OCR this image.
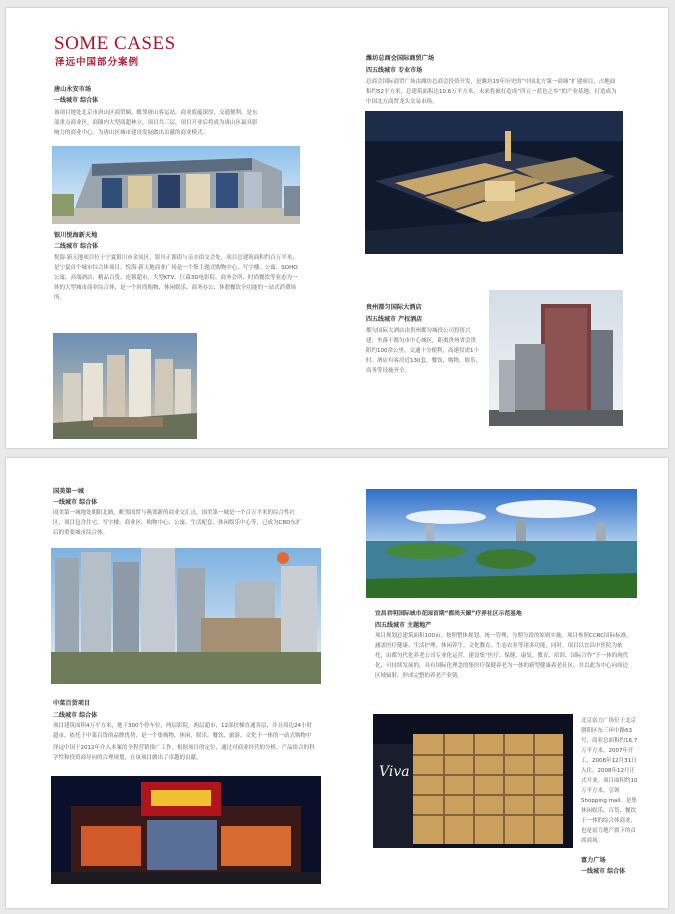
SOME CASES
泽远中国部分案例
唐山永安市场
一线城市 综合体
该项目地处北京市唐山区商贸圈，毗邻唐山客运站，商业底蕴深厚，交通便利，是东部重点商业区。商圈内大型商超林立，项目共三层，项目开业后将成为唐山区最具影响力的商业中心。为唐山区城市建设发展做出贡献的商业模式。
银川悦海新天地
二线城市 综合体
悦海·新天地项目位于宁夏银川市金凤区，银川正源街与亲水街交会处，项目总建筑面积约百万平米，是宁夏首个城市综合体项目。悦海·新天地商业广场是一个集主题式购物中心、写字楼、公寓、SOHO公寓、高端酒店、精品百货、连锁超市、大型KTV、巨幕3D电影院、商务会所、时尚餐饮等业态为一体的大型城市商业综合体，是一个时尚购物、休闲娱乐、商务办公、休憩餐饮全功能的一站式消费场所。
潍坊总商会国际商贸广场
四五线城市 专业市场
总商会国际商贸广场由潍坊总商会投资开发，是潍坊15年历史的“中国北方第一商城”扩建项目，占地面积约52平方米，总建筑面积达10.6万平方米，未来将被打造成“四五一蓝色之乡”的产业基地，打造成为中国北方商贸龙头交易市场。
贵州都匀国际大酒店
四五线城市 产权酒店
都匀国际大酒店由贵州都匀城投公司投资兴建，坐落于都匀市中心城区，距离贵州省会贵阳约100余公里，交通十分便利，高速仅需1小时。酒店有客房近130套，餐饮、购物、娱乐、商务等设施齐全。
国美第一城
一线城市 综合体
国美第一城地处朝阳北路，毗邻国贸与燕郊新的商业交汇点，国美第一城是一个百万平米的综合性社区，项目包含住宅、写字楼、商业区、购物中心、公寓、生活配套、休闲娱乐中心等，已成为CBD东扩后的重要城市综合体。
中菜百货项目
二线城市 综合体
项目建筑面积4万平方米，地下300个停车位，两层影院，两层超市，12部扶梯直通各层，并且周边24小时超市，依托于中菜百货的品牌优势，是一个集购物、休闲、娱乐、餐饮、旅游、文化于一体的一站式购物中
泽远中国于2012年介入本案的全程营销推广工作，根据项目的定位，通过对商业经营的分析，产品组合的科学性和投资商导向的合理规划，在该项目做出了卓越的贡献。
宜昌君明国际城市花园首期“都尚天颐”疗养社区示范基地
四五线城市 主题地产
项目规划总建筑面积100亩，按照整体规划、统一管理、分期分段的原则实施。项目参照CCRC国际标准，涵盖医疗健康、生活护理、休闲养生、文化教育、生态农业等诸多功能，同时，项目以宜昌中医院为依托，由都匀代化养老公司专业化运营，建设集“医疗、保健、康复、教育、培训、国际合作”于一体的现代化、可持续发展的，具有国际化理念的集医疗保健养老为一体的新型健康养老社区，并以此为中心向周边区域辐射，形成完整的养老产业链。
Viva
北京富力广场位于北京朝阳区东三环中路63号，商业总面积约16.7万平方米，2007年开工，2008年12月31日入住。2008年12月正式开业。项目面积约10万平方米，引领Shopping mall。是集休闲娱乐、百货、餐饮于一体的综合体商业、也是富力地产旗下的首席商场。
富力广场
一线城市 综合体
